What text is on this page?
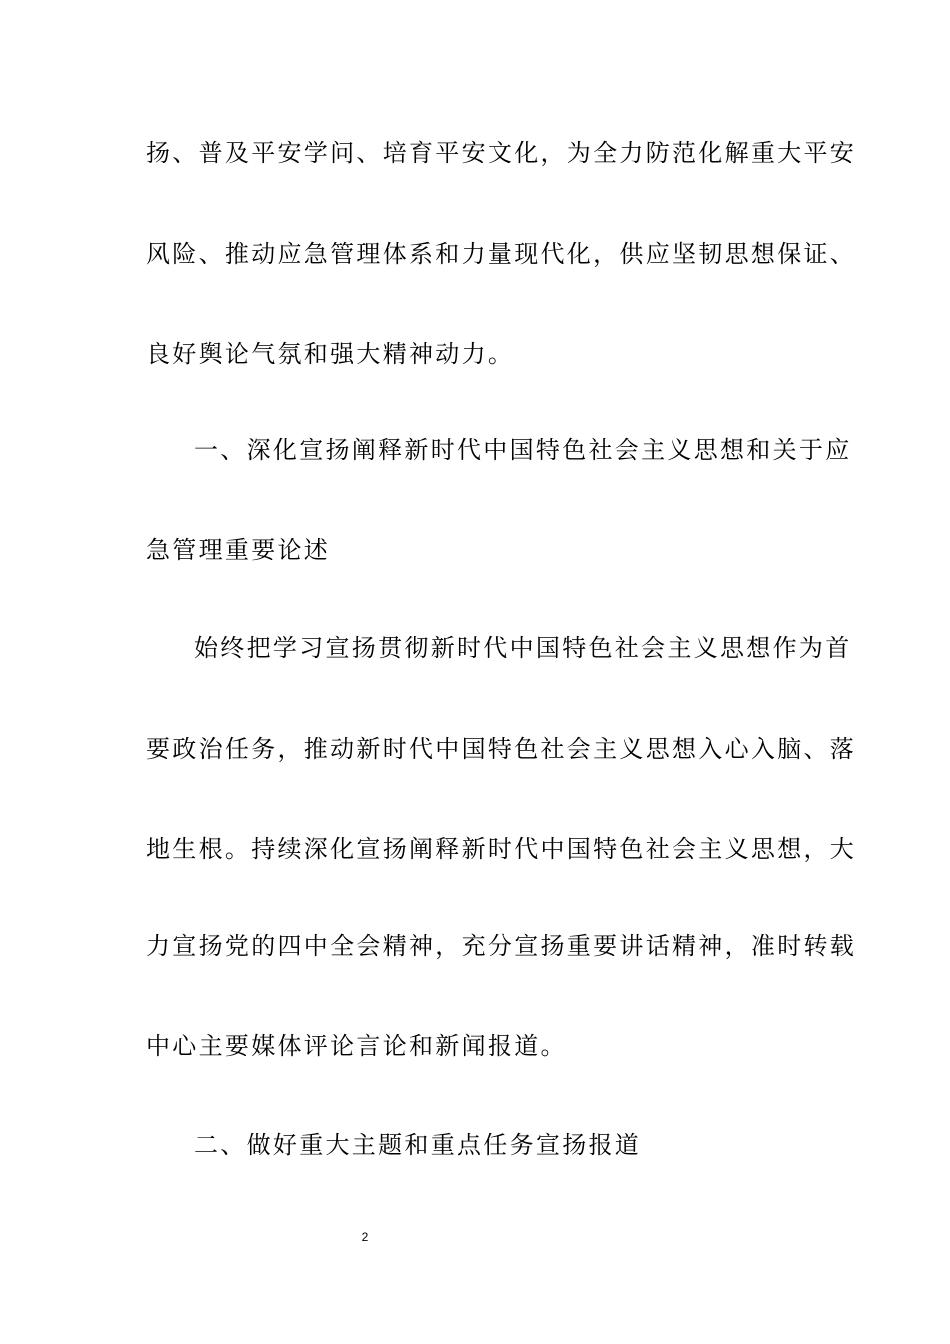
扬、普及平安学问、培育平安文化，为全力防范化解重大平安
风险、推动应急管理体系和力量现代化，供应坚韧思想保证、
良好舆论气氛和强大精神动力。
一、深化宣扬阐释新时代中国特色社会主义思想和关于应
急管理重要论述
始终把学习宣扬贯彻新时代中国特色社会主义思想作为首
要政治任务，推动新时代中国特色社会主义思想入心入脑、落
地生根。持续深化宣扬阐释新时代中国特色社会主义思想，大
力宣扬党的四中全会精神，充分宣扬重要讲话精神，准时转载
中心主要媒体评论言论和新闻报道。
二、做好重大主题和重点任务宣扬报道
2
